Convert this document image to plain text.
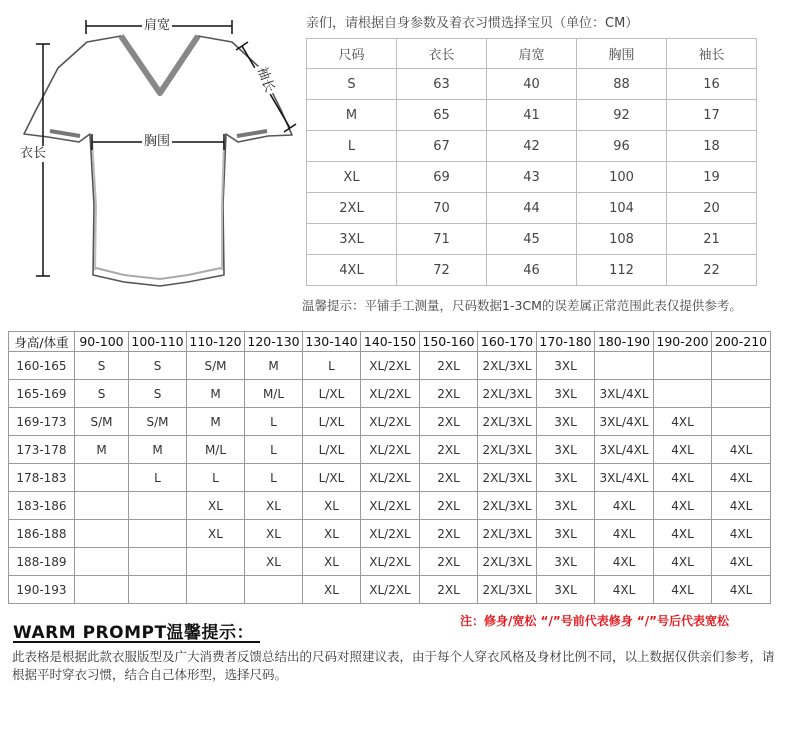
肩宽
袖长
胸围
衣长
亲们，请根据自身参数及着衣习惯选择宝贝（单位：CM）
尺码	衣长	肩宽	胸围	袖长
S	63	40	88	16
M	65	41	92	17
L	67	42	96	18
XL	69	43	100	19
2XL	70	44	104	20
3XL	71	45	108	21
4XL	72	46	112	22
温馨提示：平铺手工测量，尺码数据1-3CM的误差属正常范围此表仅提供参考。
身高/体重	90-100	100-110	110-120	120-130	130-140	140-150	150-160	160-170	170-180	180-190	190-200	200-210
160-165	S	S	S/M	M	L	XL/2XL	2XL	2XL/3XL	3XL			
165-169	S	S	M	M/L	L/XL	XL/2XL	2XL	2XL/3XL	3XL	3XL/4XL		
169-173	S/M	S/M	M	L	L/XL	XL/2XL	2XL	2XL/3XL	3XL	3XL/4XL	4XL	
173-178	M	M	M/L	L	L/XL	XL/2XL	2XL	2XL/3XL	3XL	3XL/4XL	4XL	4XL
178-183		L	L	L	L/XL	XL/2XL	2XL	2XL/3XL	3XL	3XL/4XL	4XL	4XL
183-186			XL	XL	XL	XL/2XL	2XL	2XL/3XL	3XL	4XL	4XL	4XL
186-188			XL	XL	XL	XL/2XL	2XL	2XL/3XL	3XL	4XL	4XL	4XL
188-189				XL	XL	XL/2XL	2XL	2XL/3XL	3XL	4XL	4XL	4XL
190-193					XL	XL/2XL	2XL	2XL/3XL	3XL	4XL	4XL	4XL
WARM PROMPT温馨提示：
注：修身/宽松 “/”号前代表修身 “/”号后代表宽松
此表格是根据此款衣服版型及广大消费者反馈总结出的尺码对照建议表，由于每个人穿衣风格及身材比例不同，以上数据仅供亲们参考，请根据平时穿衣习惯，结合自己体形型，选择尺码。
